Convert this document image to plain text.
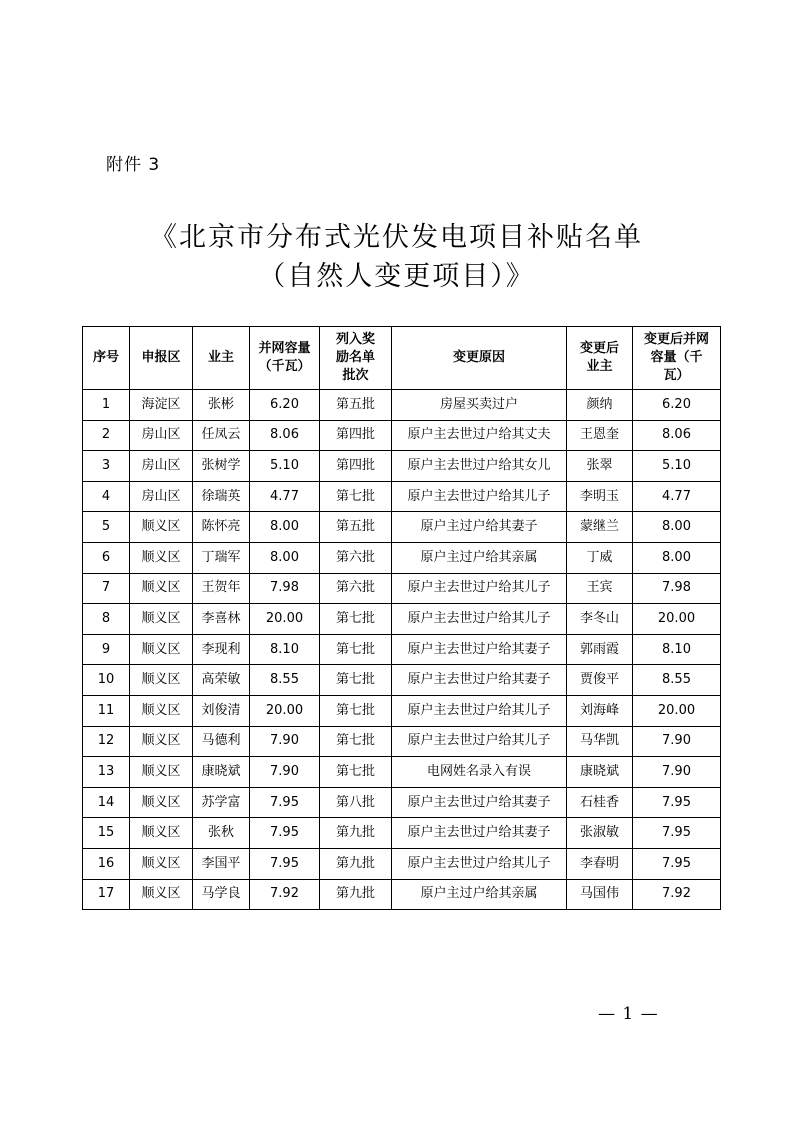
附件 3
《北京市分布式光伏发电项目补贴名单
（自然人变更项目）》
序号	申报区	业主	并网容量（千瓦）	列入奖励名单批次	变更原因	变更后业主	变更后并网容量（千瓦）
1	海淀区	张彬	6.20	第五批	房屋买卖过户	颜纳	6.20
2	房山区	任凤云	8.06	第四批	原户主去世过户给其丈夫	王恩奎	8.06
3	房山区	张树学	5.10	第四批	原户主去世过户给其女儿	张翠	5.10
4	房山区	徐瑞英	4.77	第七批	原户主去世过户给其儿子	李明玉	4.77
5	顺义区	陈怀亮	8.00	第五批	原户主过户给其妻子	蒙继兰	8.00
6	顺义区	丁瑞军	8.00	第六批	原户主过户给其亲属	丁威	8.00
7	顺义区	王贺年	7.98	第六批	原户主去世过户给其儿子	王宾	7.98
8	顺义区	李喜林	20.00	第七批	原户主去世过户给其儿子	李冬山	20.00
9	顺义区	李现利	8.10	第七批	原户主去世过户给其妻子	郭雨霞	8.10
10	顺义区	高荣敏	8.55	第七批	原户主去世过户给其妻子	贾俊平	8.55
11	顺义区	刘俊清	20.00	第七批	原户主去世过户给其儿子	刘海峰	20.00
12	顺义区	马德利	7.90	第七批	原户主去世过户给其儿子	马华凯	7.90
13	顺义区	康晓斌	7.90	第七批	电网姓名录入有误	康晓斌	7.90
14	顺义区	苏学富	7.95	第八批	原户主去世过户给其妻子	石桂香	7.95
15	顺义区	张秋	7.95	第九批	原户主去世过户给其妻子	张淑敏	7.95
16	顺义区	李国平	7.95	第九批	原户主去世过户给其儿子	李春明	7.95
17	顺义区	马学良	7.92	第九批	原户主过户给其亲属	马国伟	7.92
— 1 —
